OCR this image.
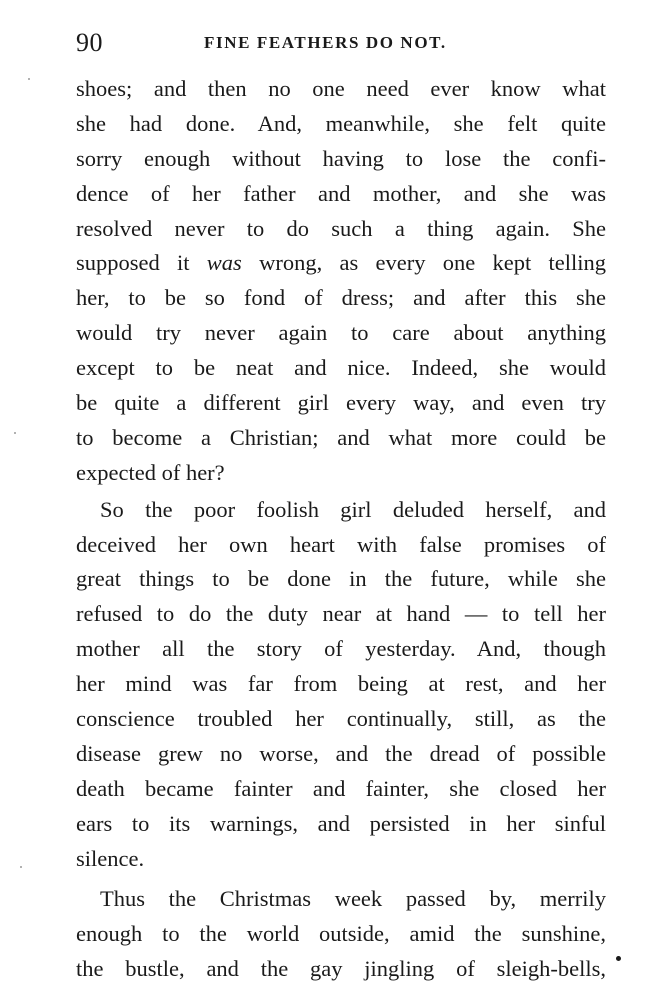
90	FINE FEATHERS DO NOT.
shoes; and then no one need ever know what
she had done. And, meanwhile, she felt quite
sorry enough without having to lose the confi-
dence of her father and mother, and she was
resolved never to do such a thing again. She
supposed it was wrong, as every one kept telling
her, to be so fond of dress; and after this she
would try never again to care about anything
except to be neat and nice. Indeed, she would
be quite a different girl every way, and even try
to become a Christian; and what more could be
expected of her?
So the poor foolish girl deluded herself, and
deceived her own heart with false promises of
great things to be done in the future, while she
refused to do the duty near at hand — to tell her
mother all the story of yesterday. And, though
her mind was far from being at rest, and her
conscience troubled her continually, still, as the
disease grew no worse, and the dread of possible
death became fainter and fainter, she closed her
ears to its warnings, and persisted in her sinful
silence.
Thus the Christmas week passed by, merrily
enough to the world outside, amid the sunshine,
the bustle, and the gay jingling of sleigh-bells,
